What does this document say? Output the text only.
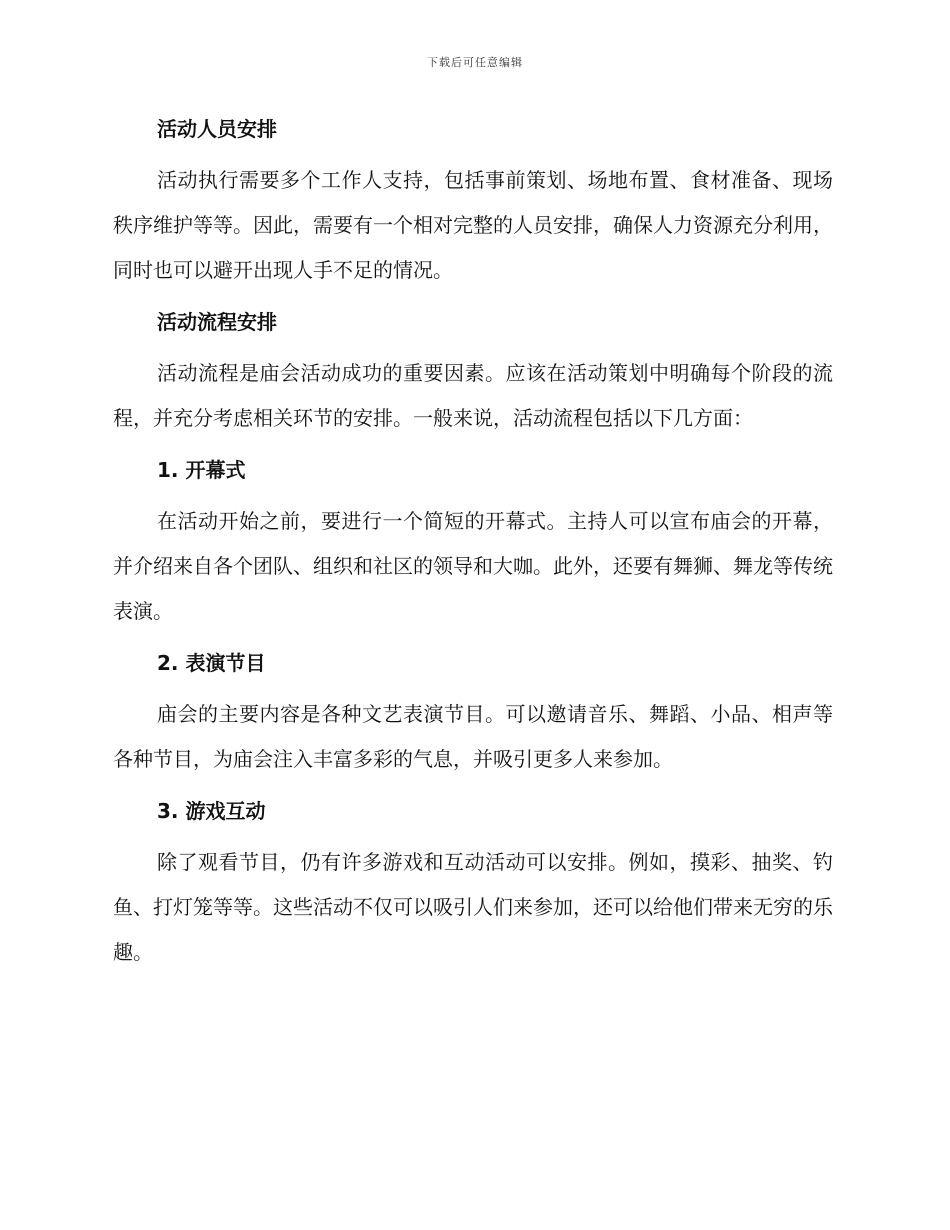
下载后可任意编辑
活动人员安排

活动执行需要多个工作人支持，包括事前策划、场地布置、食材准备、现场秩序维护等等。因此，需要有一个相对完整的人员安排，确保人力资源充分利用，同时也可以避开出现人手不足的情况。

活动流程安排

活动流程是庙会活动成功的重要因素。应该在活动策划中明确每个阶段的流程，并充分考虑相关环节的安排。一般来说，活动流程包括以下几方面：

1. 开幕式

在活动开始之前，要进行一个简短的开幕式。主持人可以宣布庙会的开幕，并介绍来自各个团队、组织和社区的领导和大咖。此外，还要有舞狮、舞龙等传统表演。

2. 表演节目

庙会的主要内容是各种文艺表演节目。可以邀请音乐、舞蹈、小品、相声等各种节目，为庙会注入丰富多彩的气息，并吸引更多人来参加。

3. 游戏互动

除了观看节目，仍有许多游戏和互动活动可以安排。例如，摸彩、抽奖、钓鱼、打灯笼等等。这些活动不仅可以吸引人们来参加，还可以给他们带来无穷的乐趣。
